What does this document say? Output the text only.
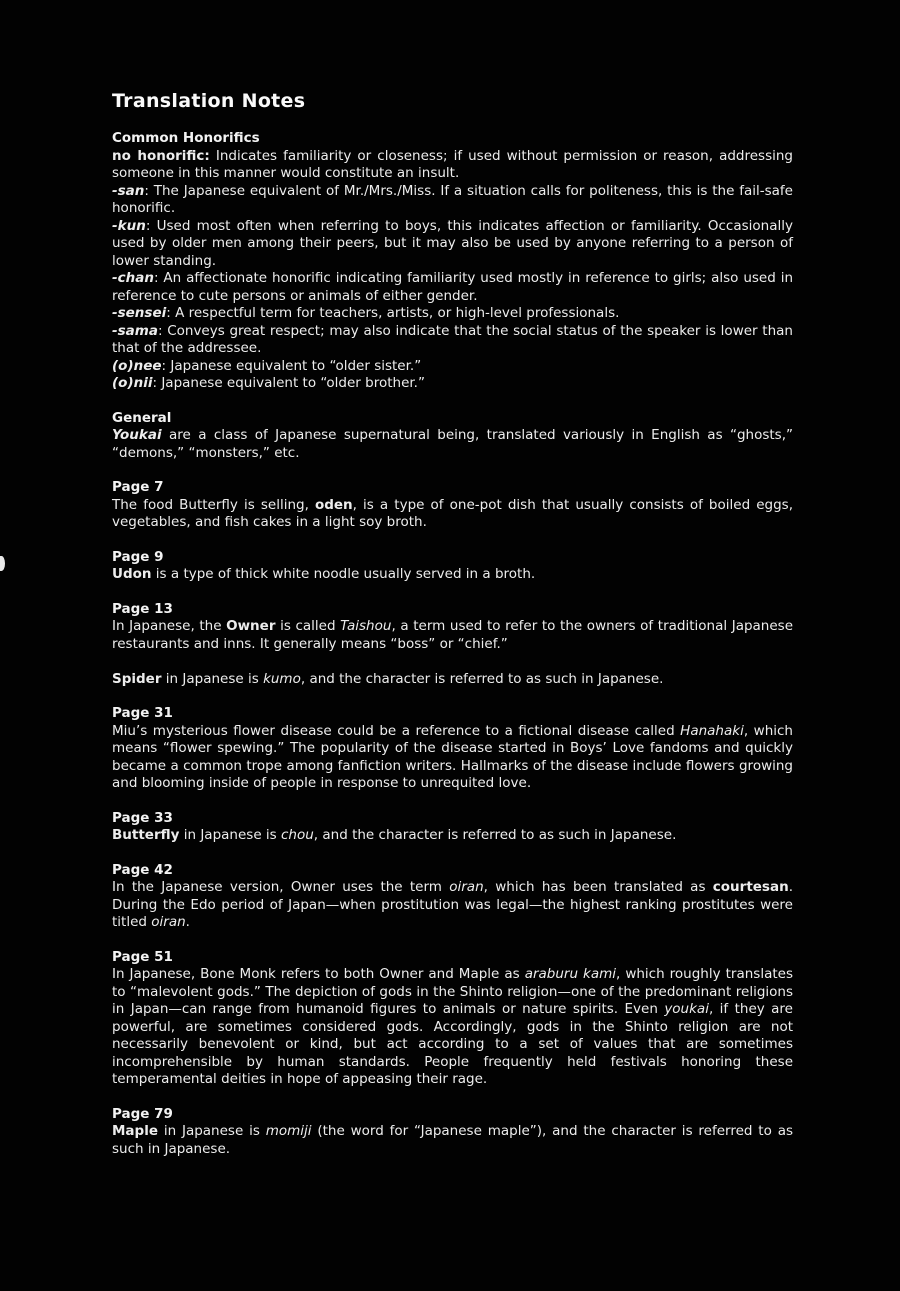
Translation Notes
Common Honorifics

no honorific: Indicates familiarity or closeness; if used without permission or reason, addressing someone in this manner would constitute an insult.

-san: The Japanese equivalent of Mr./Mrs./Miss. If a situation calls for politeness, this is the fail-safe honorific.

-kun: Used most often when referring to boys, this indicates affection or familiarity. Occasionally used by older men among their peers, but it may also be used by anyone referring to a person of lower standing.

-chan: An affectionate honorific indicating familiarity used mostly in reference to girls; also used in reference to cute persons or animals of either gender.

-sensei: A respectful term for teachers, artists, or high-level professionals.

-sama: Conveys great respect; may also indicate that the social status of the speaker is lower than that of the addressee.

(o)nee: Japanese equivalent to “older sister.”

(o)nii: Japanese equivalent to “older brother.”

General

Youkai are a class of Japanese supernatural being, translated variously in English as “ghosts,” “demons,” “monsters,” etc.

Page 7

The food Butterfly is selling, oden, is a type of one-pot dish that usually consists of boiled eggs, vegetables, and fish cakes in a light soy broth.

Page 9

Udon is a type of thick white noodle usually served in a broth.

Page 13

In Japanese, the Owner is called Taishou, a term used to refer to the owners of traditional Japanese restaurants and inns. It generally means “boss” or “chief.”

Spider in Japanese is kumo, and the character is referred to as such in Japanese.

Page 31

Miu’s mysterious flower disease could be a reference to a fictional disease called Hanahaki, which means “flower spewing.” The popularity of the disease started in Boys’ Love fandoms and quickly became a common trope among fanfiction writers. Hallmarks of the disease include flowers growing and blooming inside of people in response to unrequited love.

Page 33

Butterfly in Japanese is chou, and the character is referred to as such in Japanese.

Page 42

In the Japanese version, Owner uses the term oiran, which has been translated as courtesan. During the Edo period of Japan—when prostitution was legal—the highest ranking prostitutes were titled oiran.

Page 51

In Japanese, Bone Monk refers to both Owner and Maple as araburu kami, which roughly translates to “malevolent gods.” The depiction of gods in the Shinto religion—one of the predominant religions in Japan—can range from humanoid figures to animals or nature spirits. Even youkai, if they are powerful, are sometimes considered gods. Accordingly, gods in the Shinto religion are not necessarily benevolent or kind, but act according to a set of values that are sometimes incomprehensible by human standards. People frequently held festivals honoring these temperamental deities in hope of appeasing their rage.

Page 79

Maple in Japanese is momiji (the word for “Japanese maple”), and the character is referred to as such in Japanese.
